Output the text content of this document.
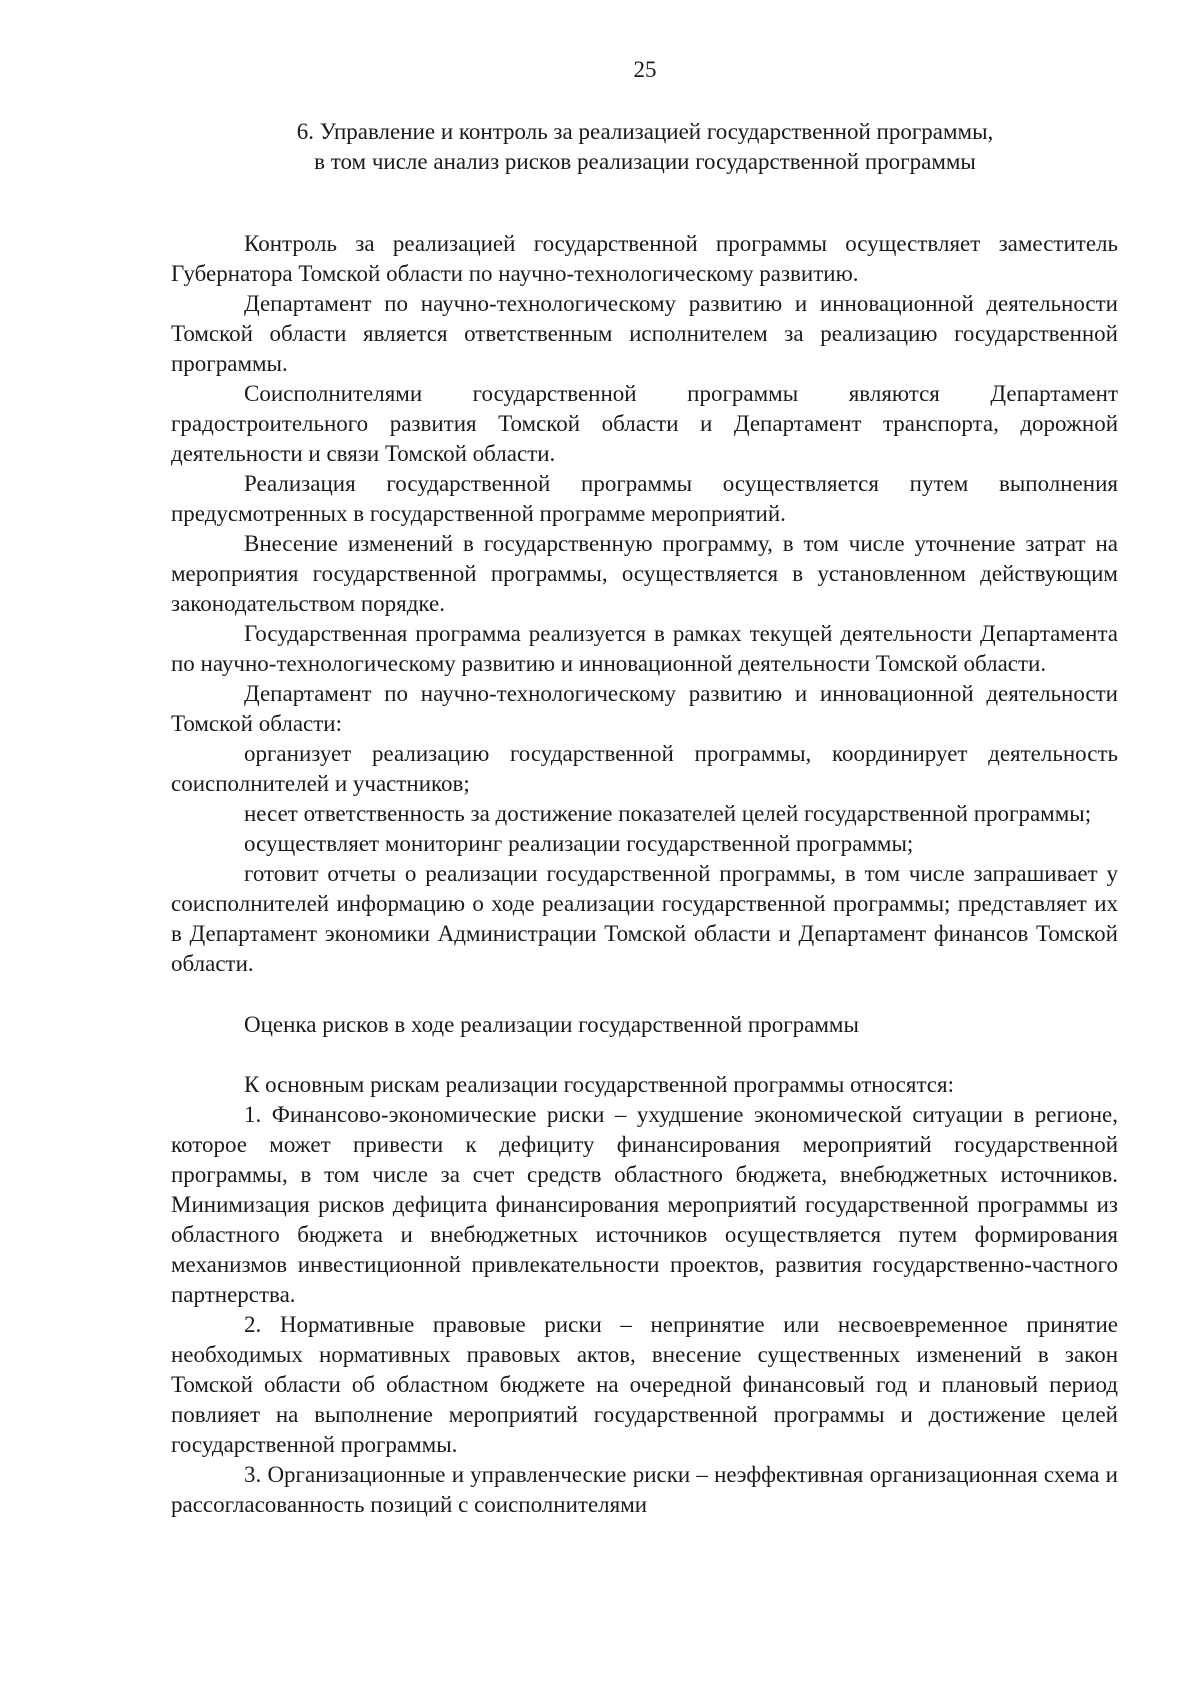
25
6. Управление и контроль за реализацией государственной программы,
в том числе анализ рисков реализации государственной программы

Контроль за реализацией государственной программы осуществляет заместитель Губернатора Томской области по научно-технологическому развитию.

Департамент по научно-технологическому развитию и инновационной деятельности Томской области является ответственным исполнителем за реализацию государственной программы.

Соисполнителями государственной программы являются Департамент градостроительного развития Томской области и Департамент транспорта, дорожной деятельности и связи Томской области.

Реализация государственной программы осуществляется путем выполнения предусмотренных в государственной программе мероприятий.

Внесение изменений в государственную программу, в том числе уточнение затрат на мероприятия государственной программы, осуществляется в установленном действующим законодательством порядке.

Государственная программа реализуется в рамках текущей деятельности Департамента по научно-технологическому развитию и инновационной деятельности Томской области.

Департамент по научно-технологическому развитию и инновационной деятельности Томской области:

организует реализацию государственной программы, координирует деятельность соисполнителей и участников;

несет ответственность за достижение показателей целей государственной программы;

осуществляет мониторинг реализации государственной программы;

готовит отчеты о реализации государственной программы, в том числе запрашивает у соисполнителей информацию о ходе реализации государственной программы; представляет их в Департамент экономики Администрации Томской области и Департамент финансов Томской области.

Оценка рисков в ходе реализации государственной программы

К основным рискам реализации государственной программы относятся:

1. Финансово-экономические риски – ухудшение экономической ситуации в регионе, которое может привести к дефициту финансирования мероприятий государственной программы, в том числе за счет средств областного бюджета, внебюджетных источников. Минимизация рисков дефицита финансирования мероприятий государственной программы из областного бюджета и внебюджетных источников осуществляется путем формирования механизмов инвестиционной привлекательности проектов, развития государственно-частного партнерства.

2. Нормативные правовые риски – непринятие или несвоевременное принятие необходимых нормативных правовых актов, внесение существенных изменений в закон Томской области об областном бюджете на очередной финансовый год и плановый период повлияет на выполнение мероприятий государственной программы и достижение целей государственной программы.

3. Организационные и управленческие риски – неэффективная организационная схема и рассогласованность позиций с соисполнителями
